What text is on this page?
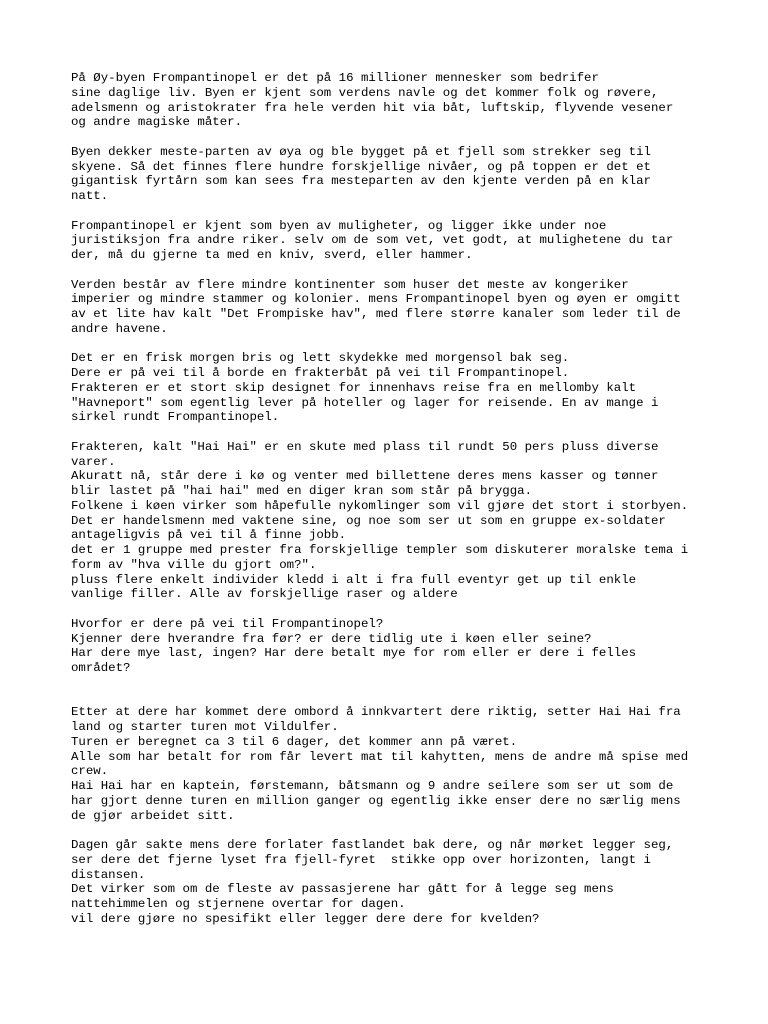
På Øy-byen Frompantinopel er det på 16 millioner mennesker som bedrifer
sine daglige liv. Byen er kjent som verdens navle og det kommer folk og røvere,
adelsmenn og aristokrater fra hele verden hit via båt, luftskip, flyvende vesener
og andre magiske måter.
Byen dekker meste-parten av øya og ble bygget på et fjell som strekker seg til
skyene. Så det finnes flere hundre forskjellige nivåer, og på toppen er det et
gigantisk fyrtårn som kan sees fra mesteparten av den kjente verden på en klar
natt.
Frompantinopel er kjent som byen av muligheter, og ligger ikke under noe
juristiksjon fra andre riker. selv om de som vet, vet godt, at mulighetene du tar
der, må du gjerne ta med en kniv, sverd, eller hammer.
Verden består av flere mindre kontinenter som huser det meste av kongeriker
imperier og mindre stammer og kolonier. mens Frompantinopel byen og øyen er omgitt
av et lite hav kalt "Det Frompiske hav", med flere større kanaler som leder til de
andre havene.
Det er en frisk morgen bris og lett skydekke med morgensol bak seg.
Dere er på vei til å borde en frakterbåt på vei til Frompantinopel.
Frakteren er et stort skip designet for innenhavs reise fra en mellomby kalt
"Havneport" som egentlig lever på hoteller og lager for reisende. En av mange i
sirkel rundt Frompantinopel.
Frakteren, kalt "Hai Hai" er en skute med plass til rundt 50 pers pluss diverse
varer.
Akuratt nå, står dere i kø og venter med billettene deres mens kasser og tønner
blir lastet på "hai hai" med en diger kran som står på brygga.
Folkene i køen virker som håpefulle nykomlinger som vil gjøre det stort i storbyen.
Det er handelsmenn med vaktene sine, og noe som ser ut som en gruppe ex-soldater
antageligvis på vei til å finne jobb.
det er 1 gruppe med prester fra forskjellige templer som diskuterer moralske tema i
form av "hva ville du gjort om?".
pluss flere enkelt individer kledd i alt i fra full eventyr get up til enkle
vanlige filler. Alle av forskjellige raser og aldere
Hvorfor er dere på vei til Frompantinopel?
Kjenner dere hverandre fra før? er dere tidlig ute i køen eller seine?
Har dere mye last, ingen? Har dere betalt mye for rom eller er dere i felles
området?
Etter at dere har kommet dere ombord å innkvartert dere riktig, setter Hai Hai fra
land og starter turen mot Vildulfer.
Turen er beregnet ca 3 til 6 dager, det kommer ann på været.
Alle som har betalt for rom får levert mat til kahytten, mens de andre må spise med
crew.
Hai Hai har en kaptein, førstemann, båtsmann og 9 andre seilere som ser ut som de
har gjort denne turen en million ganger og egentlig ikke enser dere no særlig mens
de gjør arbeidet sitt.
Dagen går sakte mens dere forlater fastlandet bak dere, og når mørket legger seg,
ser dere det fjerne lyset fra fjell-fyret  stikke opp over horizonten, langt i
distansen.
Det virker som om de fleste av passasjerene har gått for å legge seg mens
nattehimmelen og stjernene overtar for dagen.
vil dere gjøre no spesifikt eller legger dere dere for kvelden?
